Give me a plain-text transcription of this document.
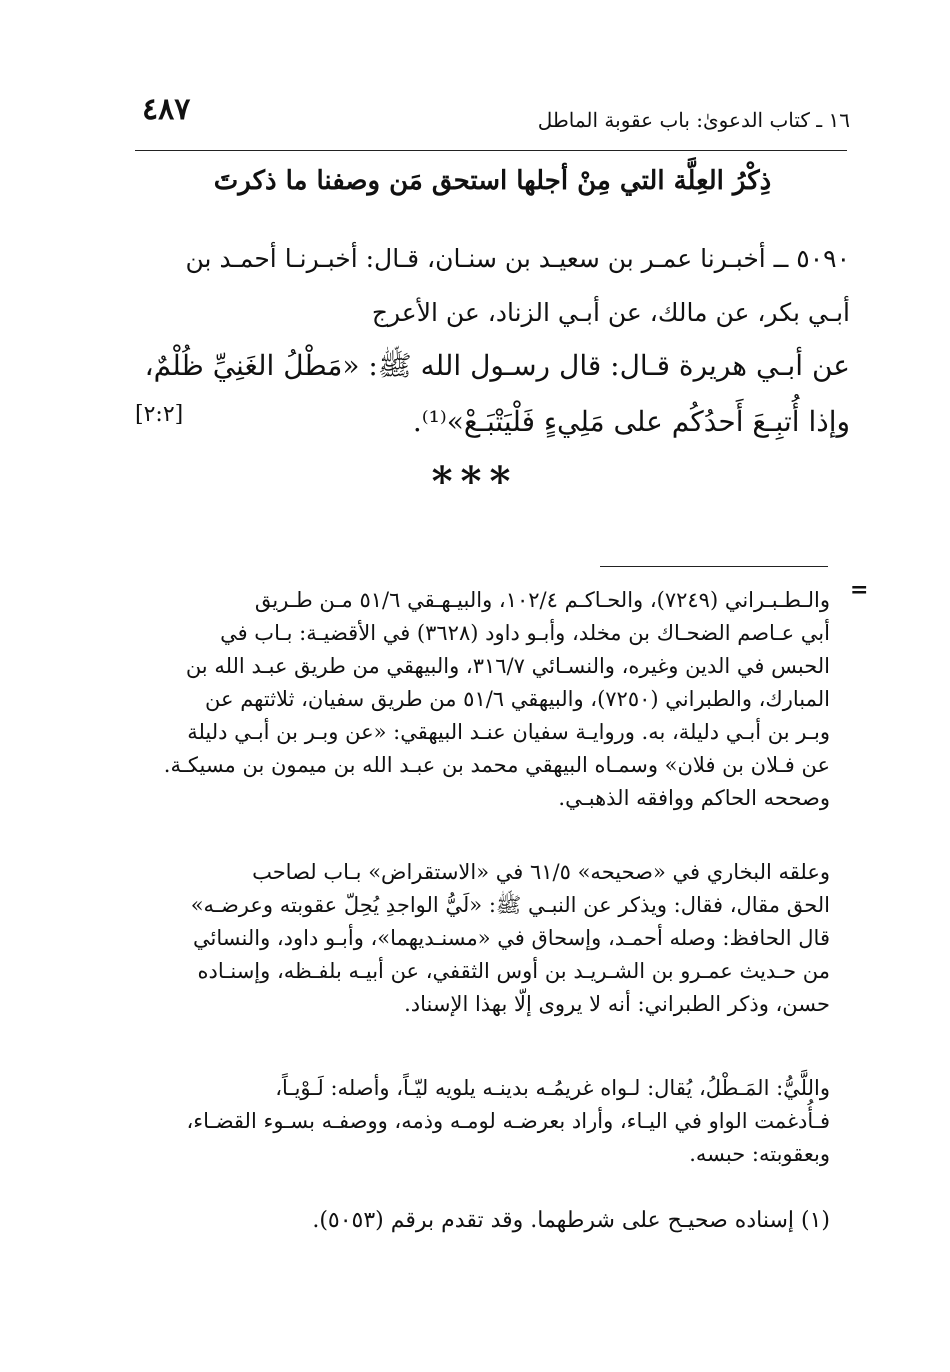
٤٨٧	١٦ ـ كتاب الدعوىٰ: باب عقوبة الماطل
ذِكْرُ العِلَّة التي مِنْ أجلها استحق مَن وصفنا ما ذكرتَ
٥٠٩٠ ــ أخبـرنا عمـر بن سعيـد بن سنـان، قـال: أخبـرنـا أحمـد بن
أبـي بكر، عن مالك، عن أبـي الزناد، عن الأعرج
عن أبـي هريرة قـال: قال رسـول الله ﷺ: «مَطْلُ الغَنِيِّ ظُلْمٌ،
وإذا أُتبِـعَ أَحدُكُم على مَلِيءٍ فَلْيَتْبَـعْ»⁽¹⁾.
[٢:٢]
***
=
والـطـبـراني (٧٢٤٩)، والحـاكـم ١٠٢/٤، والبيـهـقي ٥١/٦ مـن طـريق
أبي عـاصم الضحـاك بن مخلد، وأبـو داود (٣٦٢٨) في الأقضيـة: بـاب في
الحبس في الدين وغيره، والنسـائي ٣١٦/٧، والبيهقي من طريق عبـد الله بن
المبارك، والطبراني (٧٢٥٠)، والبيهقي ٥١/٦ من طريق سفيان، ثلاثتهم عن
وبـر بن أبـي دليلة، به. وروايـة سفيان عنـد البيهقي: «عن وبـر بن أبـي دليلة
عن فـلان بن فلان» وسمـاه البيهقي محمد بن عبـد الله بن ميمون بن مسيكـة.
وصححه الحاكم ووافقه الذهبـي.
وعلقه البخاري في «صحيحه» ٦١/٥ في «الاستقراض» بـاب لصاحب
الحق مقال، فقال: ويذكر عن النبـي ﷺ: «لَيُّ الواجدِ يُحِلّ عقوبته وعرضـه»
قال الحافظ: وصله أحمـد، وإسحاق في «مسنـديهما»، وأبـو داود، والنسائي
من حـديث عمـرو بن الشـريـد بن أوس الثقفي، عن أبيـه بلفـظه، وإسنـاده
حسن، وذكر الطبراني: أنه لا يروى إلّا بهذا الإسناد.
واللَّيُّ: المَـطْلُ، يُقال: لـواه غريمُـه بدينـه يلويه ليّـاً، وأصله: لَـوْيـاً،
فـأُدغمت الواو في اليـاء، وأراد بعرضـه لومـه وذمه، ووصفـه بسـوء القضـاء،
وبعقوبته: حبسه.
(١) إسناده صحيـح على شرطهما. وقد تقدم برقم (٥٠٥٣).
